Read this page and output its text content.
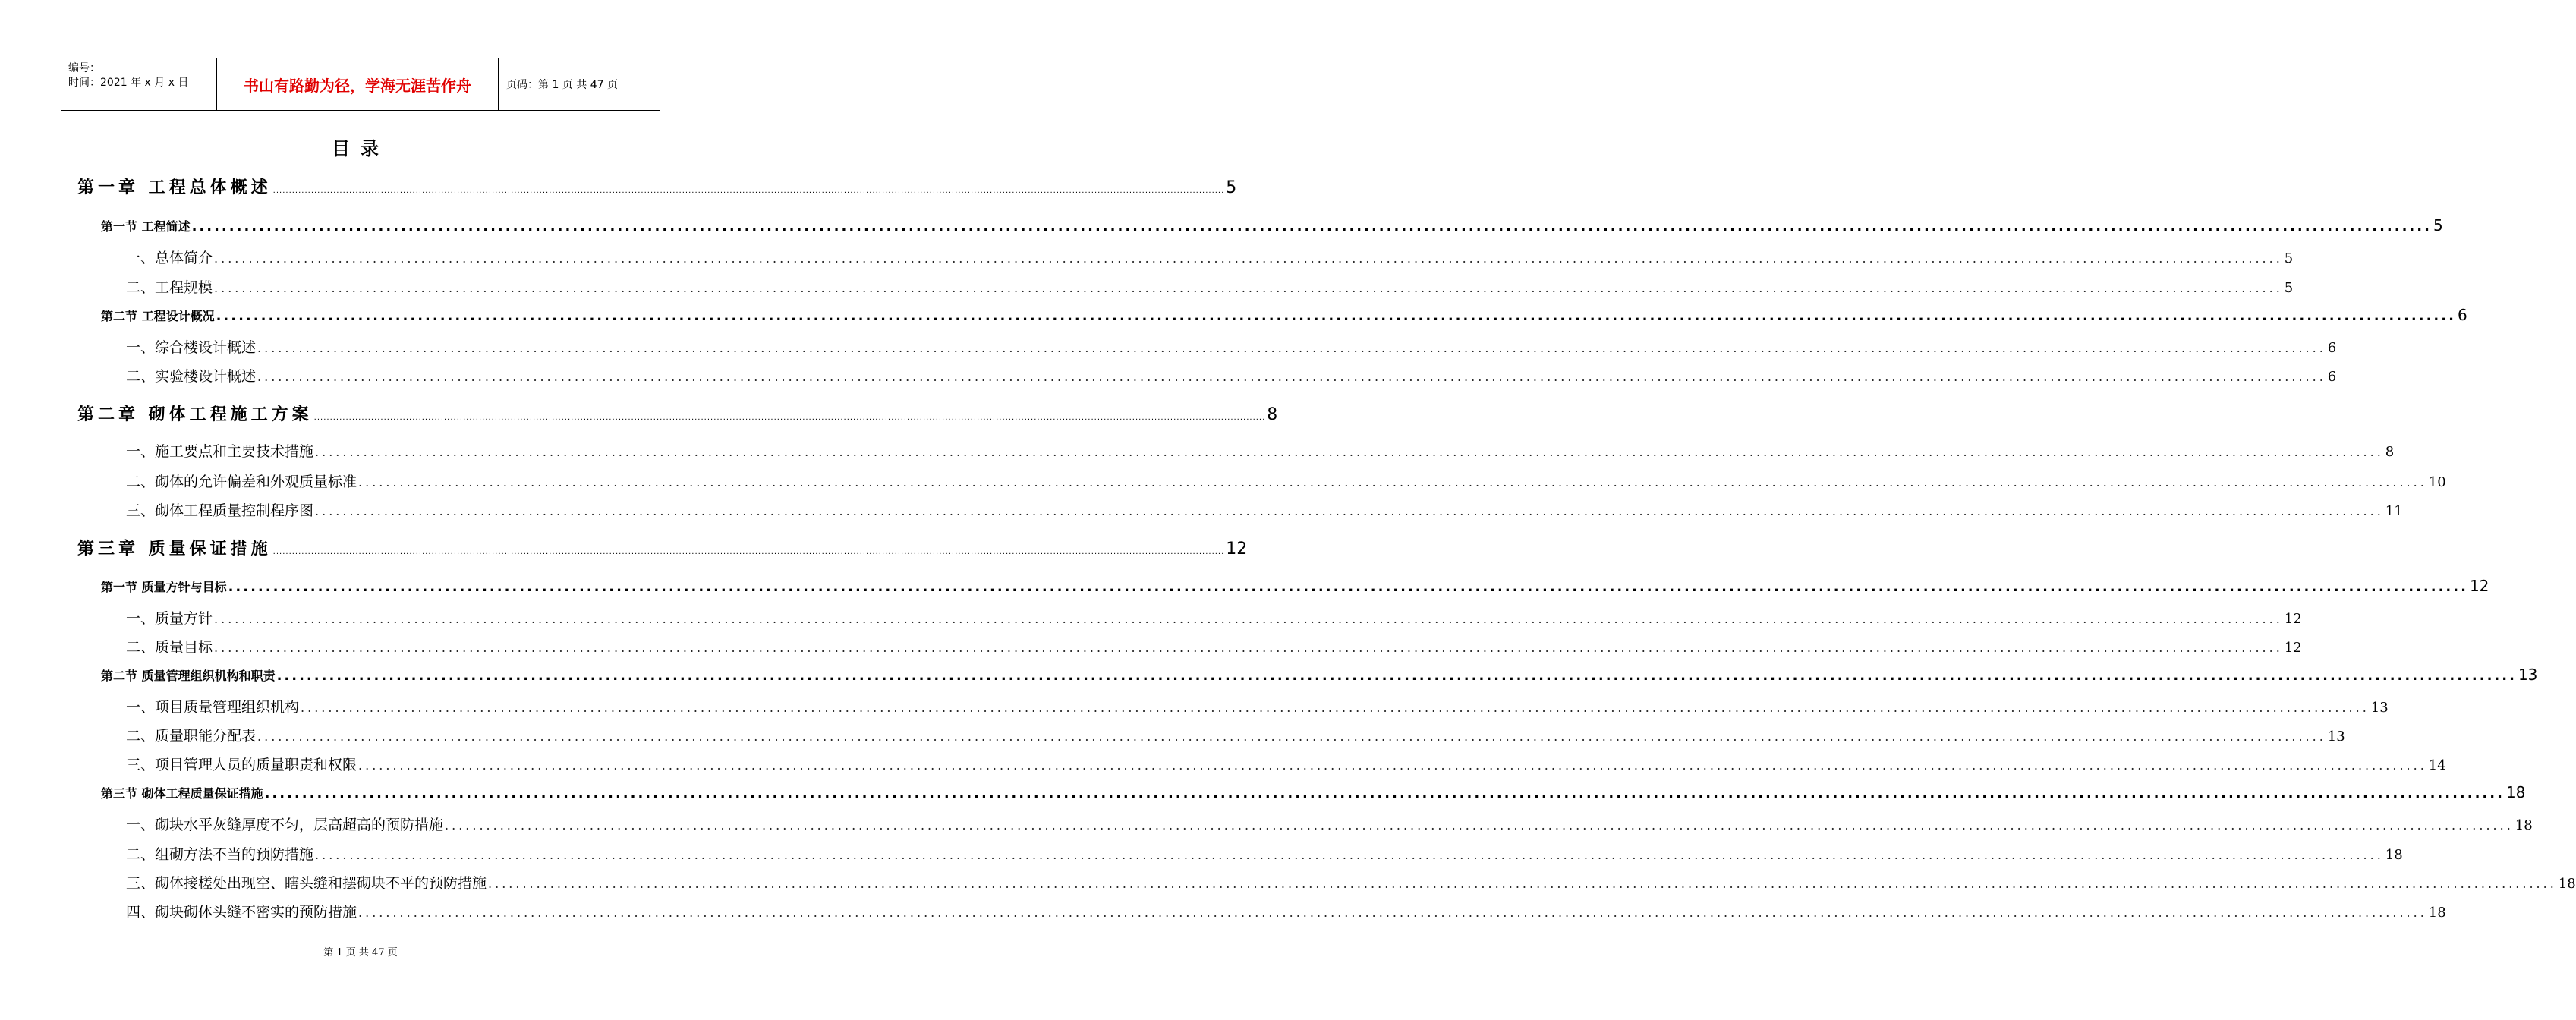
编号：
时间：2021 年 x 月 x 日	书山有路勤为径，学海无涯苦作舟	页码：第 1 页 共 47 页
目录
第一章 工程总体概述 ............................................................................................................................................................................................................................................................................................................ 5
第一节 工程简述 ............................................................................................................................................................................................................................................................................................................ 5
一、总体简介 ............................................................................................................................................................................................................................................................................................................ 5
二、工程规模 ............................................................................................................................................................................................................................................................................................................ 5
第二节 工程设计概况 ............................................................................................................................................................................................................................................................................................................ 6
一、综合楼设计概述 ............................................................................................................................................................................................................................................................................................................ 6
二、实验楼设计概述 ............................................................................................................................................................................................................................................................................................................ 6
第二章 砌体工程施工方案 ............................................................................................................................................................................................................................................................................................................ 8
一、施工要点和主要技术措施 ............................................................................................................................................................................................................................................................................................................ 8
二、砌体的允许偏差和外观质量标准 ............................................................................................................................................................................................................................................................................................................ 10
三、砌体工程质量控制程序图 ............................................................................................................................................................................................................................................................................................................ 11
第三章 质量保证措施 ............................................................................................................................................................................................................................................................................................................ 12
第一节 质量方针与目标 ............................................................................................................................................................................................................................................................................................................ 12
一、质量方针 ............................................................................................................................................................................................................................................................................................................ 12
二、质量目标 ............................................................................................................................................................................................................................................................................................................ 12
第二节 质量管理组织机构和职责 ............................................................................................................................................................................................................................................................................................................ 13
一、项目质量管理组织机构 ............................................................................................................................................................................................................................................................................................................ 13
二、质量职能分配表 ............................................................................................................................................................................................................................................................................................................ 13
三、项目管理人员的质量职责和权限 ............................................................................................................................................................................................................................................................................................................ 14
第三节 砌体工程质量保证措施 ............................................................................................................................................................................................................................................................................................................ 18
一、砌块水平灰缝厚度不匀，层高超高的预防措施 ............................................................................................................................................................................................................................................................................................................ 18
二、组砌方法不当的预防措施 ............................................................................................................................................................................................................................................................................................................ 18
三、砌体接槎处出现空、瞎头缝和摆砌块不平的预防措施 ............................................................................................................................................................................................................................................................................................................ 18
四、砌块砌体头缝不密实的预防措施 ............................................................................................................................................................................................................................................................................................................ 18
第 1 页 共 47 页
